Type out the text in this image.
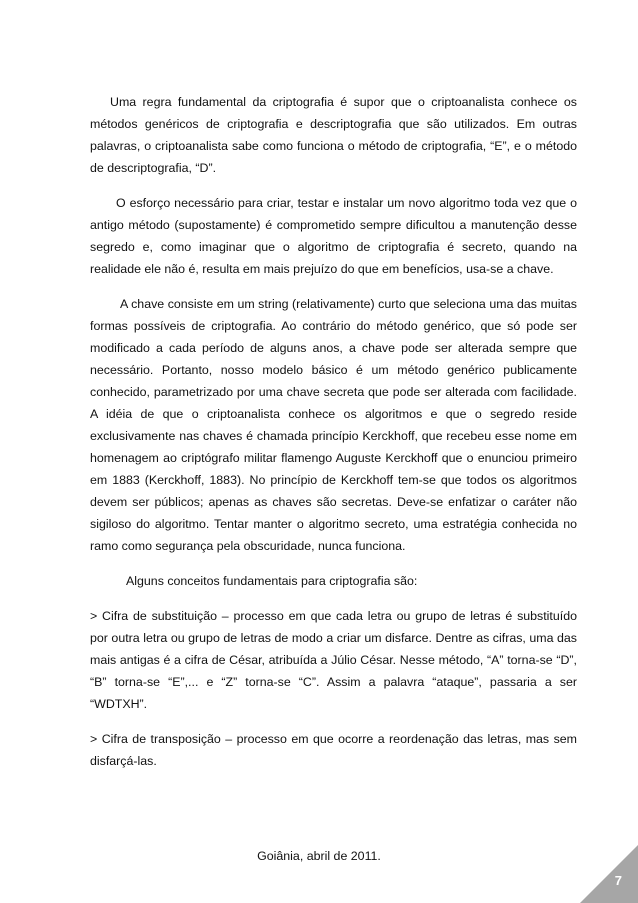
Uma regra fundamental da criptografia é supor que o criptoanalista conhece os métodos genéricos de criptografia e descriptografia que são utilizados. Em outras palavras, o criptoanalista sabe como funciona o método de criptografia, “E”, e o método de descriptografia, “D”.

O esforço necessário para criar, testar e instalar um novo algoritmo toda vez que o antigo método (supostamente) é comprometido sempre dificultou a manutenção desse segredo e, como imaginar que o algoritmo de criptografia é secreto, quando na realidade ele não é, resulta em mais prejuízo do que em benefícios, usa-se a chave.

A chave consiste em um string (relativamente) curto que seleciona uma das muitas formas possíveis de criptografia. Ao contrário do método genérico, que só pode ser modificado a cada período de alguns anos, a chave pode ser alterada sempre que necessário. Portanto, nosso modelo básico é um método genérico publicamente conhecido, parametrizado por uma chave secreta que pode ser alterada com facilidade. A idéia de que o criptoanalista conhece os algoritmos e que o segredo reside exclusivamente nas chaves é chamada princípio Kerckhoff, que recebeu esse nome em homenagem ao criptógrafo militar flamengo Auguste Kerckhoff que o enunciou primeiro em 1883 (Kerckhoff, 1883). No princípio de Kerckhoff tem-se que todos os algoritmos devem ser públicos; apenas as chaves são secretas. Deve-se enfatizar o caráter não sigiloso do algoritmo. Tentar manter o algoritmo secreto, uma estratégia conhecida no ramo como segurança pela obscuridade, nunca funciona.

Alguns conceitos fundamentais para criptografia são:

> Cifra de substituição – processo em que cada letra ou grupo de letras é substituído por outra letra ou grupo de letras de modo a criar um disfarce. Dentre as cifras, uma das mais antigas é a cifra de César, atribuída a Júlio César. Nesse método, “A” torna-se “D”, “B” torna-se “E”,... e “Z” torna-se “C”. Assim a palavra “ataque”, passaria a ser “WDTXH”.

> Cifra de transposição – processo em que ocorre a reordenação das letras, mas sem disfarçá-las.

Goiânia, abril de 2011.
7
